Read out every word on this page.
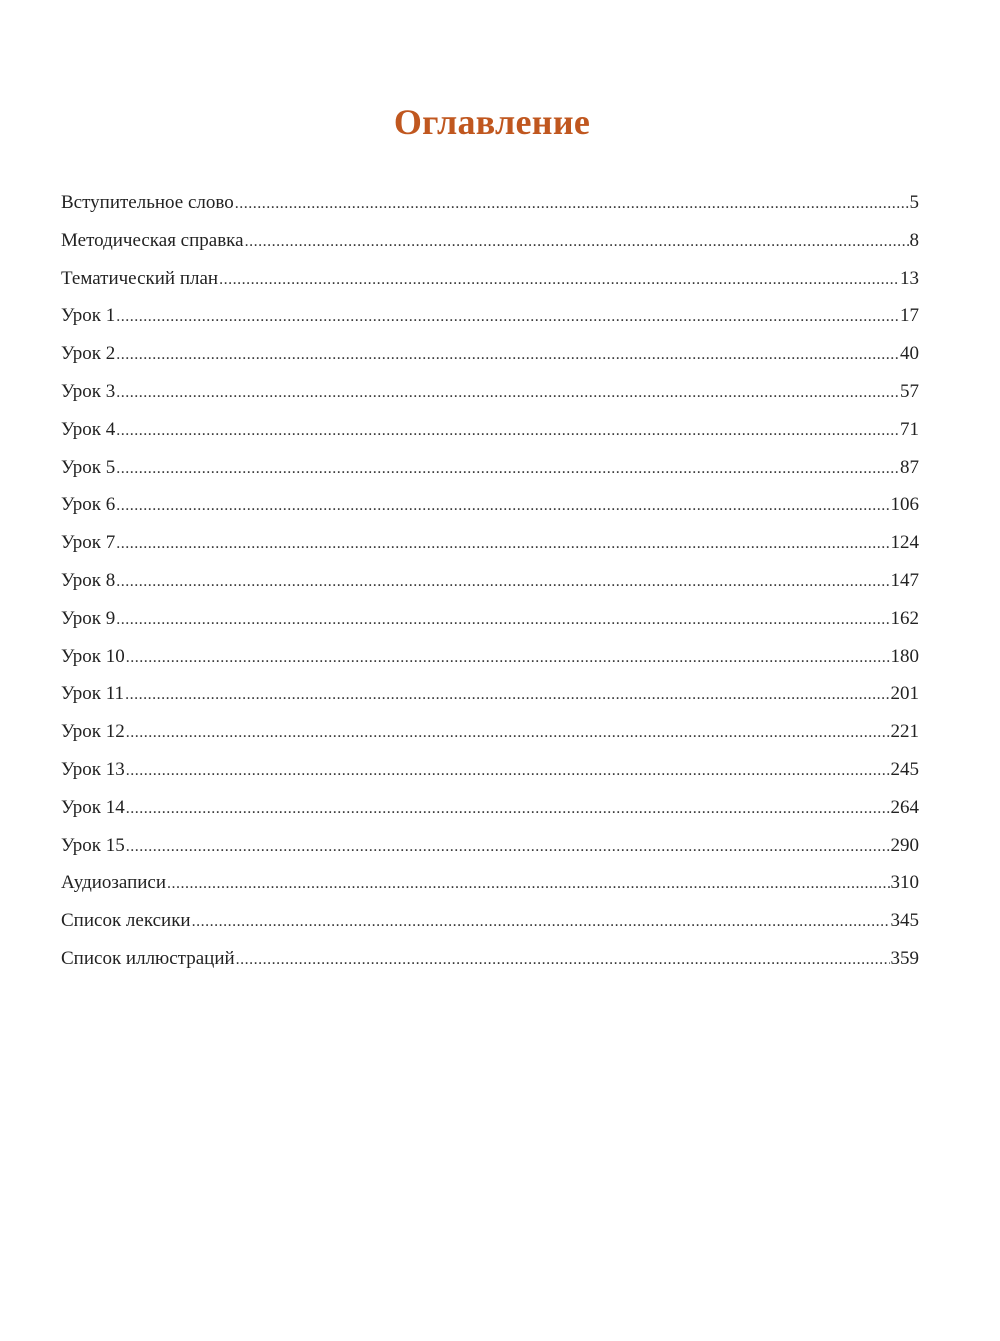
Оглавление
Вступительное слово .....	5
Методическая справка .....	8
Тематический план .....	13
Урок 1 .....	17
Урок 2 .....	40
Урок 3 .....	57
Урок 4 .....	71
Урок 5 .....	87
Урок 6 .....	106
Урок 7 .....	124
Урок 8 .....	147
Урок 9 .....	162
Урок 10 .....	180
Урок 11 .....	201
Урок 12 .....	221
Урок 13 .....	245
Урок 14 .....	264
Урок 15 .....	290
Аудиозаписи .....	310
Список лексики .....	345
Список иллюстраций .....	359
